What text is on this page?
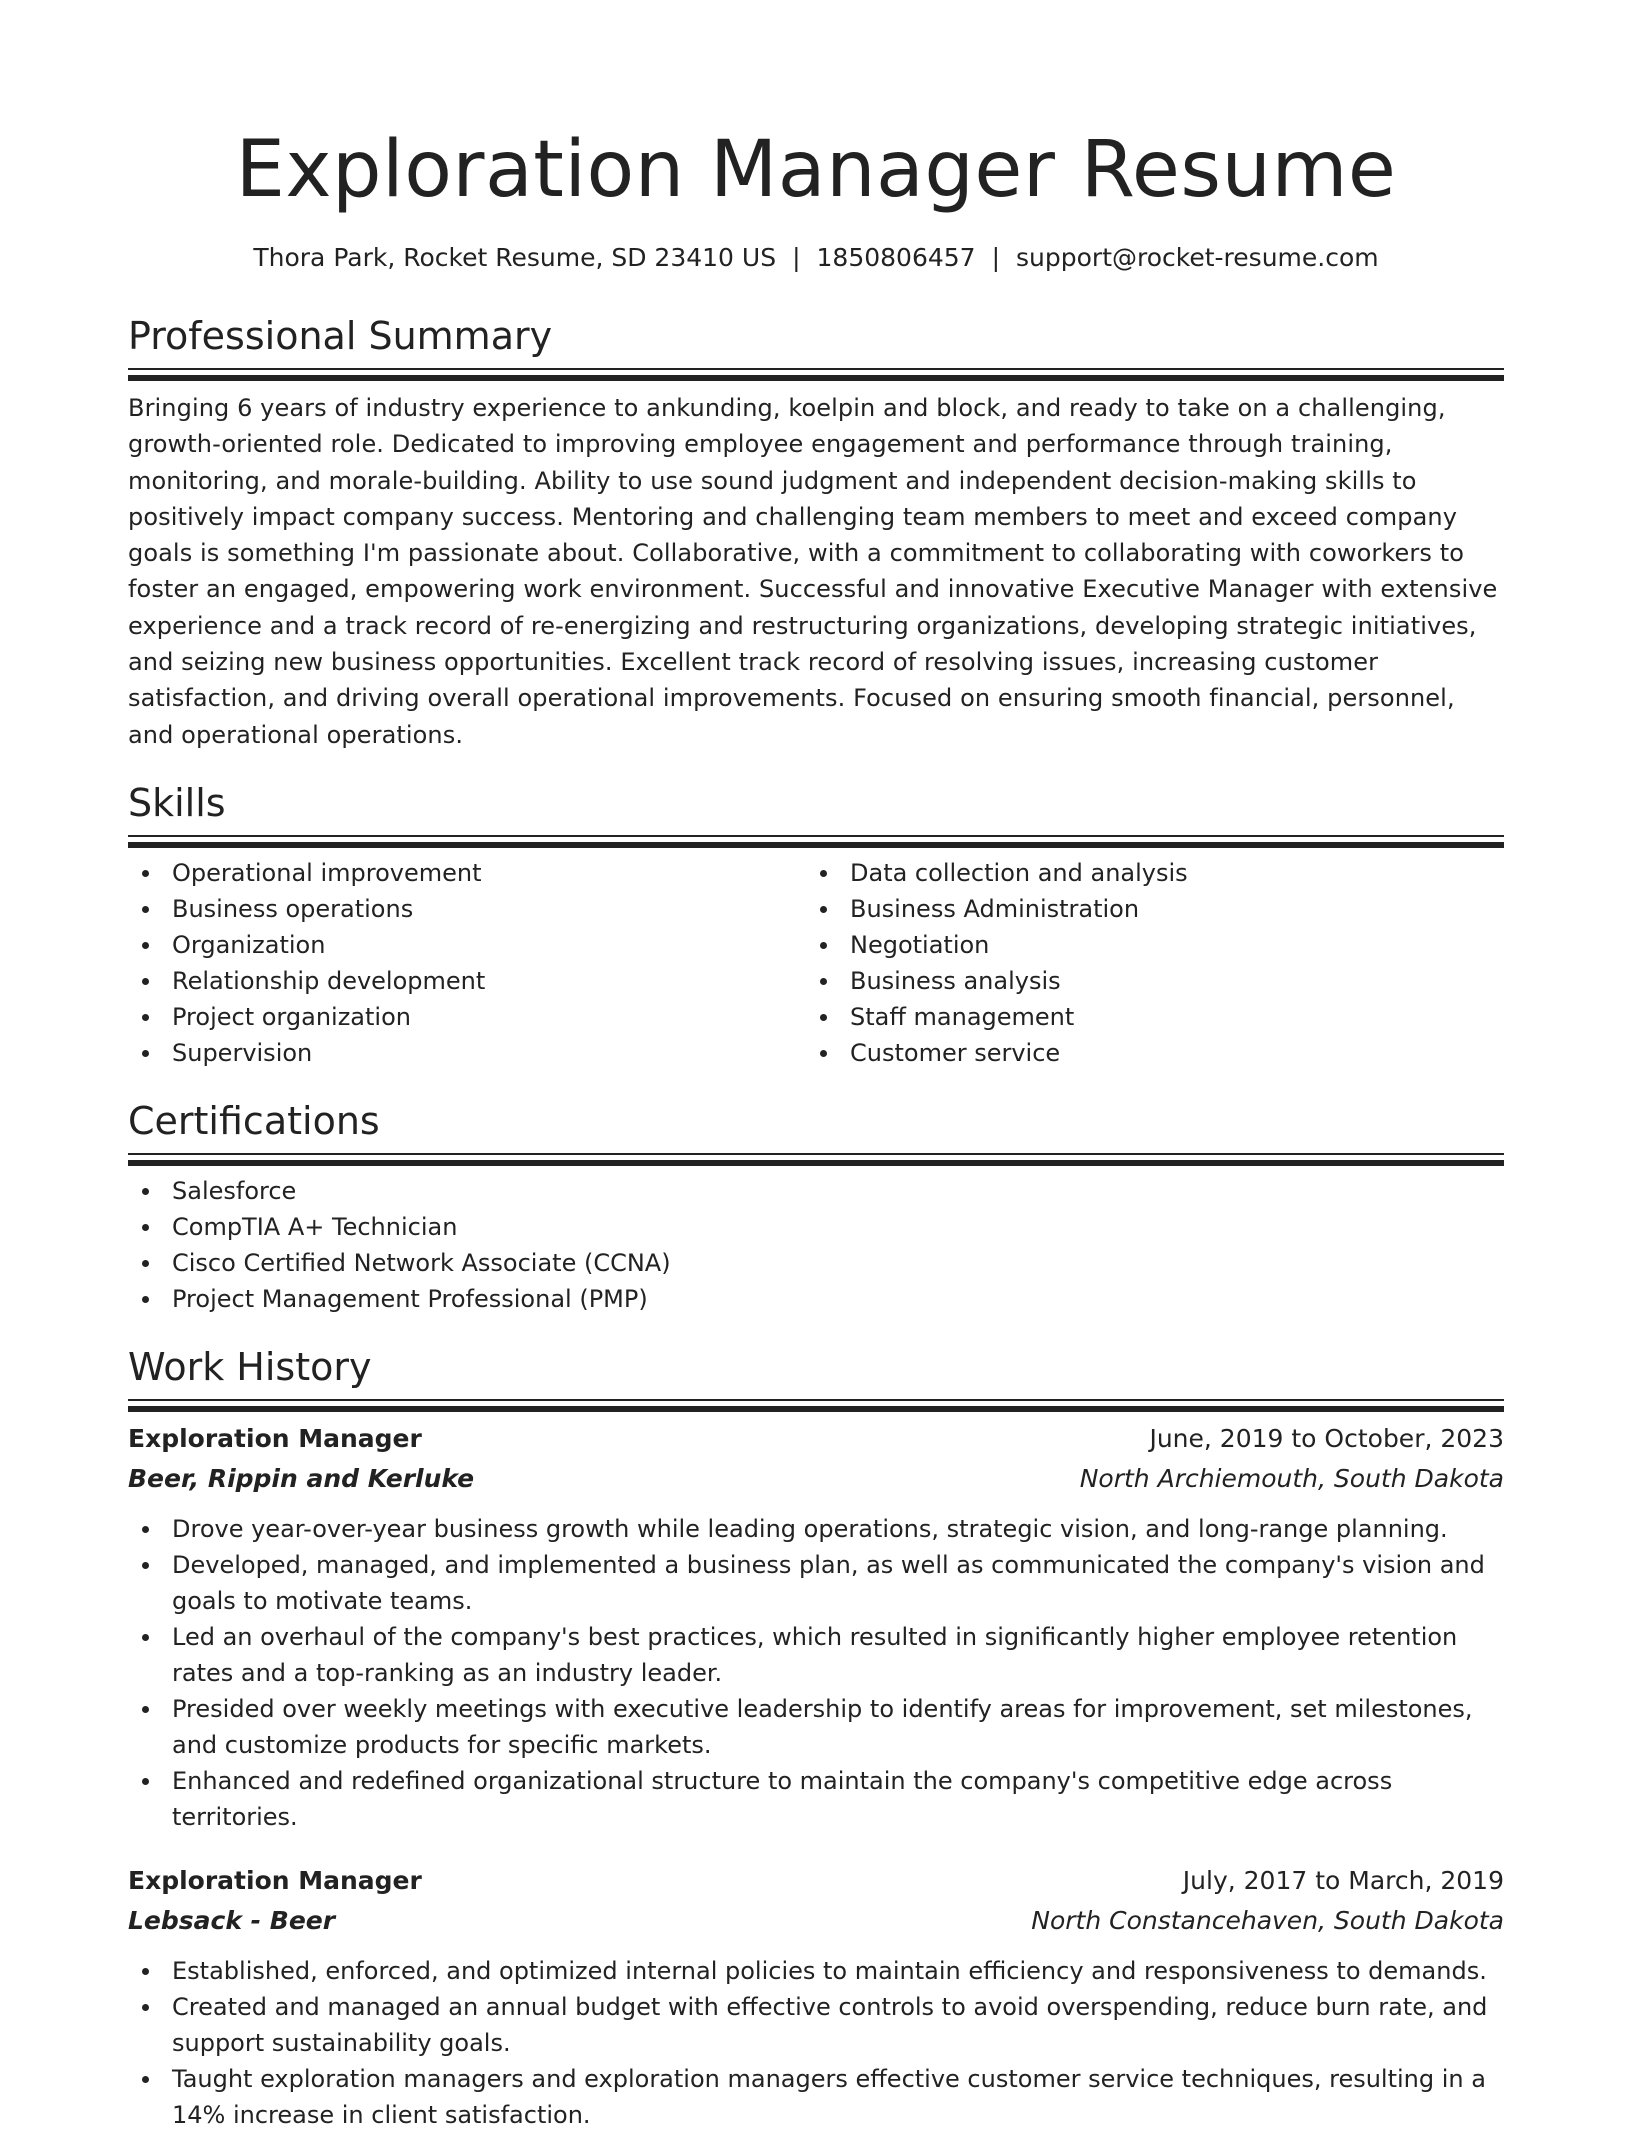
Exploration Manager Resume
Thora Park, Rocket Resume, SD 23410 US | 1850806457 | support@rocket-resume.com
Professional Summary

Bringing 6 years of industry experience to ankunding, koelpin and block, and ready to take on a challenging, growth-oriented role. Dedicated to improving employee engagement and performance through training, monitoring, and morale-building. Ability to use sound judgment and independent decision-making skills to positively impact company success. Mentoring and challenging team members to meet and exceed company goals is something I'm passionate about. Collaborative, with a commitment to collaborating with coworkers to foster an engaged, empowering work environment. Successful and innovative Executive Manager with extensive experience and a track record of re-energizing and restructuring organizations, developing strategic initiatives, and seizing new business opportunities. Excellent track record of resolving issues, increasing customer satisfaction, and driving overall operational improvements. Focused on ensuring smooth financial, personnel, and operational operations.

Skills
Operational improvement
Business operations
Organization
Relationship development
Project organization
Supervision
Data collection and analysis
Business Administration
Negotiation
Business analysis
Staff management
Customer service
Certifications
Salesforce
CompTIA A+ Technician
Cisco Certified Network Associate (CCNA)
Project Management Professional (PMP)
Work History
Exploration Manager	June, 2019 to October, 2023
Beer, Rippin and Kerluke	North Archiemouth, South Dakota
Drove year-over-year business growth while leading operations, strategic vision, and long-range planning.
Developed, managed, and implemented a business plan, as well as communicated the company's vision and goals to motivate teams.
Led an overhaul of the company's best practices, which resulted in significantly higher employee retention rates and a top-ranking as an industry leader.
Presided over weekly meetings with executive leadership to identify areas for improvement, set milestones, and customize products for specific markets.
Enhanced and redefined organizational structure to maintain the company's competitive edge across territories.
Exploration Manager	July, 2017 to March, 2019
Lebsack - Beer	North Constancehaven, South Dakota
Established, enforced, and optimized internal policies to maintain efficiency and responsiveness to demands.
Created and managed an annual budget with effective controls to avoid overspending, reduce burn rate, and support sustainability goals.
Taught exploration managers and exploration managers effective customer service techniques, resulting in a 14% increase in client satisfaction.
